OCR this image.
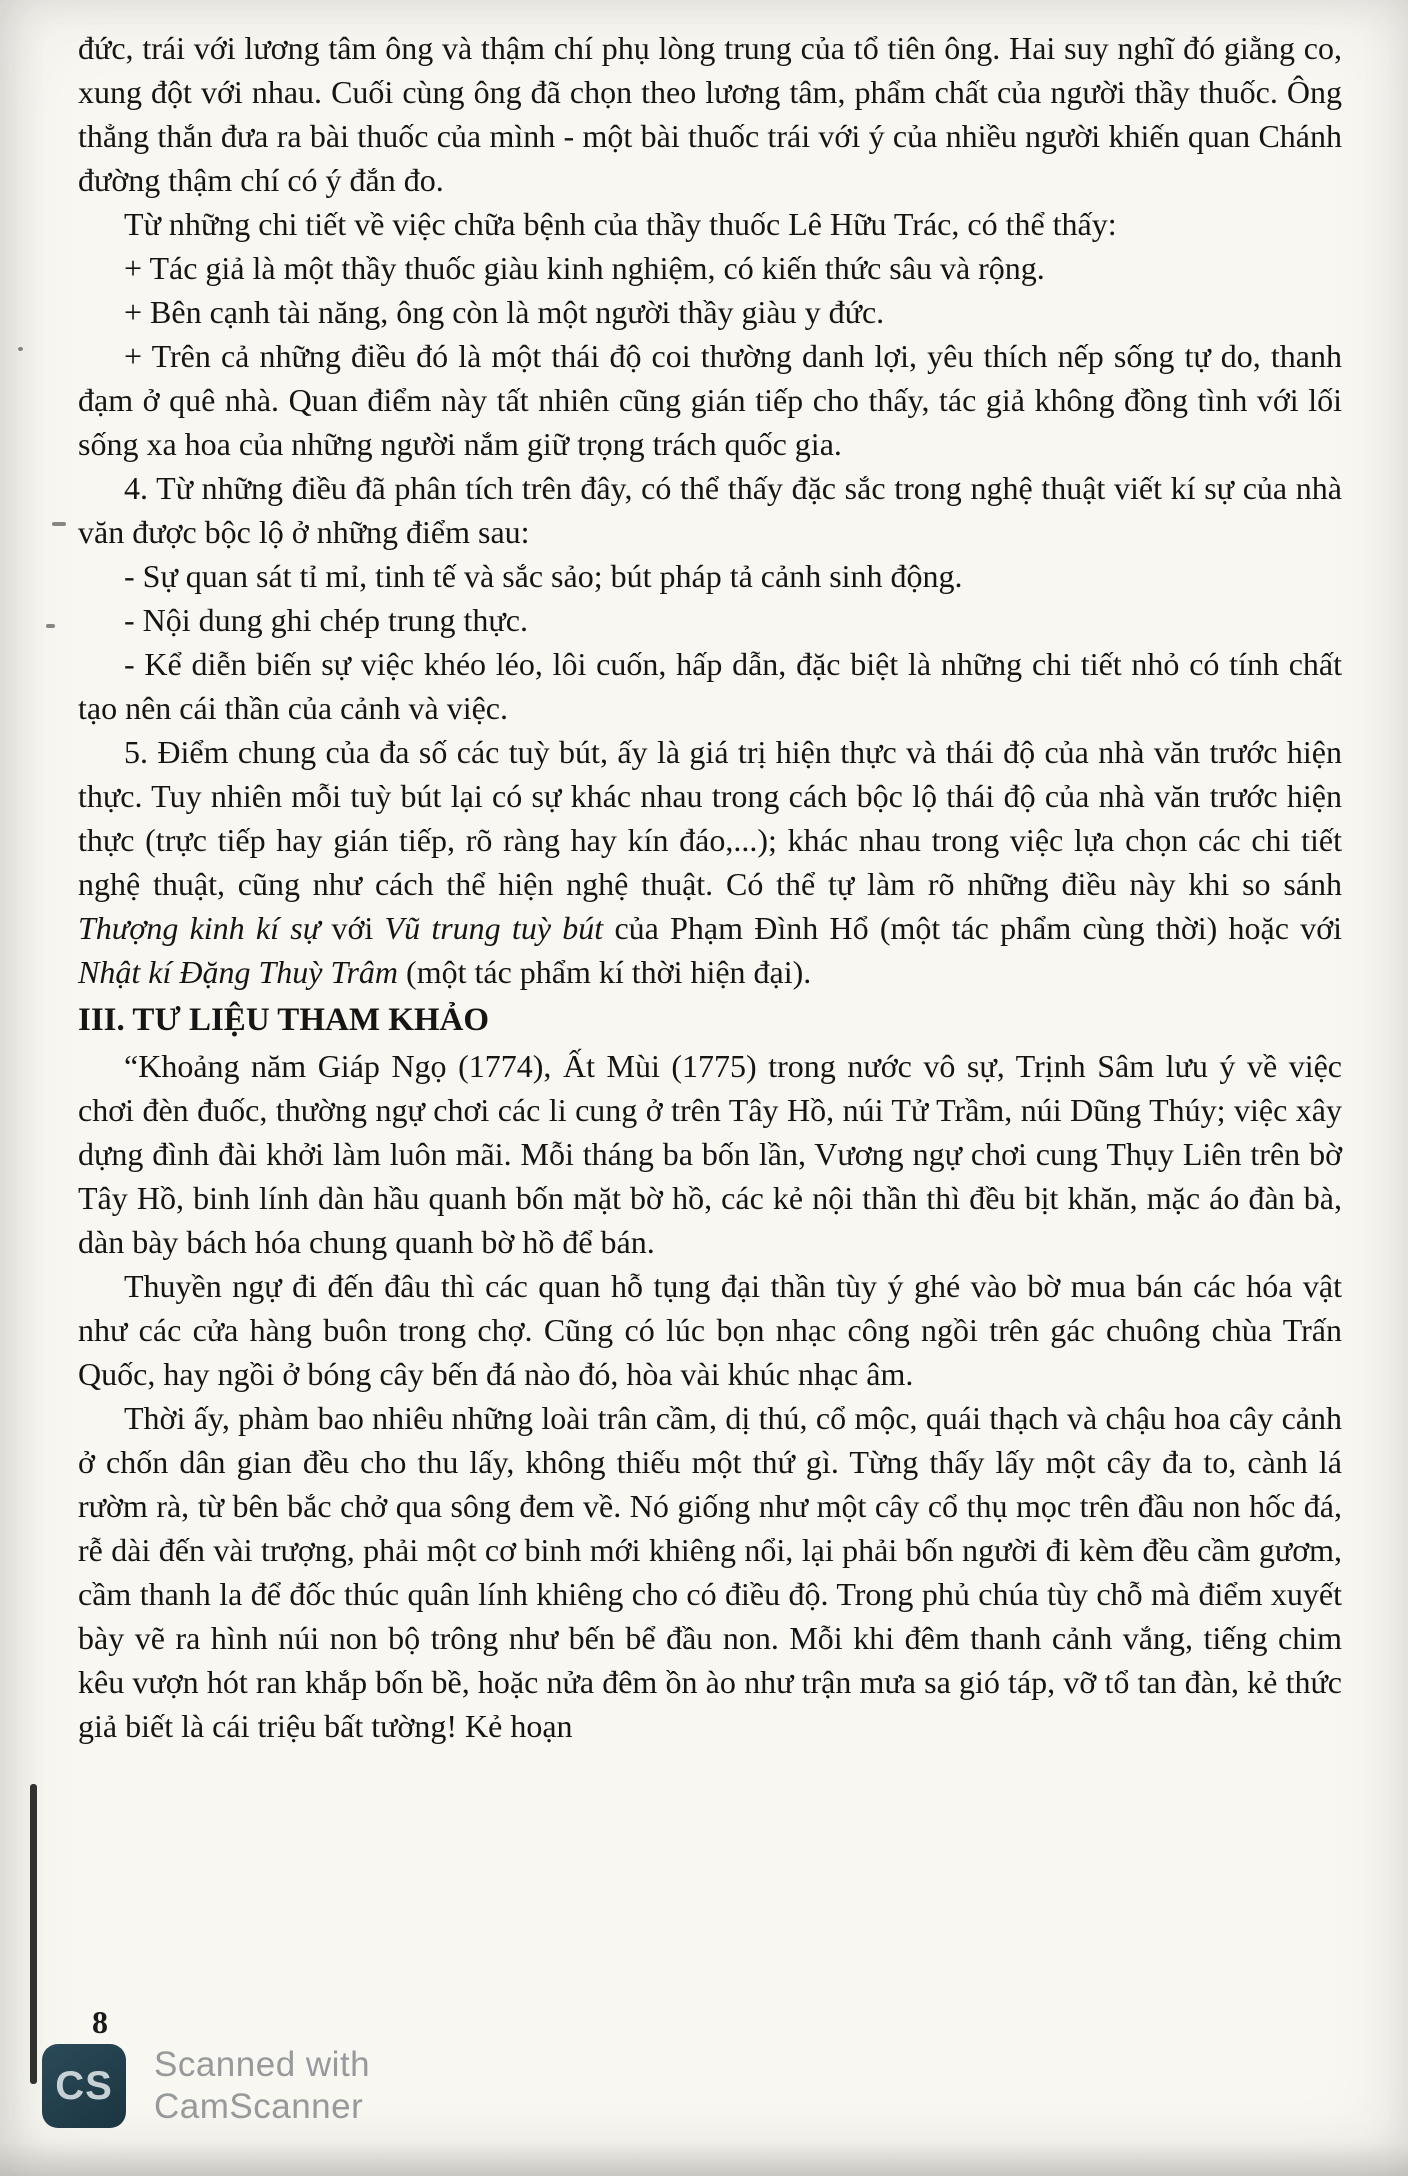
đức, trái với lương tâm ông và thậm chí phụ lòng trung của tổ tiên ông. Hai suy nghĩ đó giằng co, xung đột với nhau. Cuối cùng ông đã chọn theo lương tâm, phẩm chất của người thầy thuốc. Ông thẳng thắn đưa ra bài thuốc của mình - một bài thuốc trái với ý của nhiều người khiến quan Chánh đường thậm chí có ý đắn đo.

Từ những chi tiết về việc chữa bệnh của thầy thuốc Lê Hữu Trác, có thể thấy:

+ Tác giả là một thầy thuốc giàu kinh nghiệm, có kiến thức sâu và rộng.

+ Bên cạnh tài năng, ông còn là một người thầy giàu y đức.

+ Trên cả những điều đó là một thái độ coi thường danh lợi, yêu thích nếp sống tự do, thanh đạm ở quê nhà. Quan điểm này tất nhiên cũng gián tiếp cho thấy, tác giả không đồng tình với lối sống xa hoa của những người nắm giữ trọng trách quốc gia.

4. Từ những điều đã phân tích trên đây, có thể thấy đặc sắc trong nghệ thuật viết kí sự của nhà văn được bộc lộ ở những điểm sau:

- Sự quan sát tỉ mỉ, tinh tế và sắc sảo; bút pháp tả cảnh sinh động.

- Nội dung ghi chép trung thực.

- Kể diễn biến sự việc khéo léo, lôi cuốn, hấp dẫn, đặc biệt là những chi tiết nhỏ có tính chất tạo nên cái thần của cảnh và việc.

5. Điểm chung của đa số các tuỳ bút, ấy là giá trị hiện thực và thái độ của nhà văn trước hiện thực. Tuy nhiên mỗi tuỳ bút lại có sự khác nhau trong cách bộc lộ thái độ của nhà văn trước hiện thực (trực tiếp hay gián tiếp, rõ ràng hay kín đáo,...); khác nhau trong việc lựa chọn các chi tiết nghệ thuật, cũng như cách thể hiện nghệ thuật. Có thể tự làm rõ những điều này khi so sánh Thượng kinh kí sự với Vũ trung tuỳ bút của Phạm Đình Hổ (một tác phẩm cùng thời) hoặc với Nhật kí Đặng Thuỳ Trâm (một tác phẩm kí thời hiện đại).

III. TƯ LIỆU THAM KHẢO

“Khoảng năm Giáp Ngọ (1774), Ất Mùi (1775) trong nước vô sự, Trịnh Sâm lưu ý về việc chơi đèn đuốc, thường ngự chơi các li cung ở trên Tây Hồ, núi Tử Trầm, núi Dũng Thúy; việc xây dựng đình đài khởi làm luôn mãi. Mỗi tháng ba bốn lần, Vương ngự chơi cung Thụy Liên trên bờ Tây Hồ, binh lính dàn hầu quanh bốn mặt bờ hồ, các kẻ nội thần thì đều bịt khăn, mặc áo đàn bà, dàn bày bách hóa chung quanh bờ hồ để bán.

Thuyền ngự đi đến đâu thì các quan hỗ tụng đại thần tùy ý ghé vào bờ mua bán các hóa vật như các cửa hàng buôn trong chợ. Cũng có lúc bọn nhạc công ngồi trên gác chuông chùa Trấn Quốc, hay ngồi ở bóng cây bến đá nào đó, hòa vài khúc nhạc âm.

Thời ấy, phàm bao nhiêu những loài trân cầm, dị thú, cổ mộc, quái thạch và chậu hoa cây cảnh ở chốn dân gian đều cho thu lấy, không thiếu một thứ gì. Từng thấy lấy một cây đa to, cành lá rườm rà, từ bên bắc chở qua sông đem về. Nó giống như một cây cổ thụ mọc trên đầu non hốc đá, rễ dài đến vài trượng, phải một cơ binh mới khiêng nổi, lại phải bốn người đi kèm đều cầm gươm, cầm thanh la để đốc thúc quân lính khiêng cho có điều độ. Trong phủ chúa tùy chỗ mà điểm xuyết bày vẽ ra hình núi non bộ trông như bến bể đầu non. Mỗi khi đêm thanh cảnh vắng, tiếng chim kêu vượn hót ran khắp bốn bề, hoặc nửa đêm ồn ào như trận mưa sa gió táp, vỡ tổ tan đàn, kẻ thức giả biết là cái triệu bất tường! Kẻ hoạn

8
CS Scanned with
CamScanner
